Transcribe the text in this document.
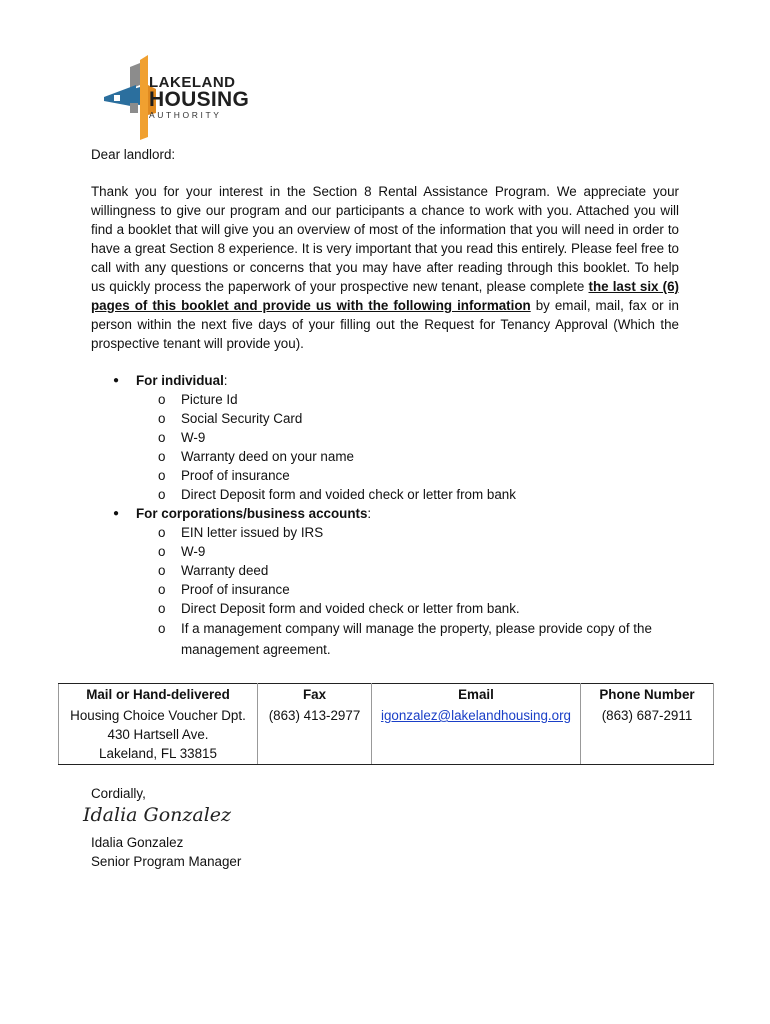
LAKELAND
HOUSING
AUTHORITY
Dear landlord:
Thank you for your interest in the Section 8 Rental Assistance Program. We appreciate your willingness to give our program and our participants a chance to work with you. Attached you will find a booklet that will give you an overview of most of the information that you will need in order to have a great Section 8 experience. It is very important that you read this entirely. Please feel free to call with any questions or concerns that you may have after reading through this booklet. To help us quickly process the paperwork of your prospective new tenant, please complete the last six (6) pages of this booklet and provide us with the following information by email, mail, fax or in person within the next five days of your filling out the Request for Tenancy Approval (Which the prospective tenant will provide you).
● For individual:
o Picture Id
o Social Security Card
o W-9
o Warranty deed on your name
o Proof of insurance
o Direct Deposit form and voided check or letter from bank
● For corporations/business accounts:
o EIN letter issued by IRS
o W-9
o Warranty deed
o Proof of insurance
o Direct Deposit form and voided check or letter from bank.
o If a management company will manage the property, please provide copy of the management agreement.
Mail or Hand-delivered	Fax	Email	Phone Number

Housing Choice Voucher Dpt.
430 Hartsell Ave.
Lakeland, FL 33815	(863) 413-2977	igonzalez@lakelandhousing.org	(863) 687-2911
Cordially,
Idalia Gonzalez
Idalia Gonzalez
Senior Program Manager
